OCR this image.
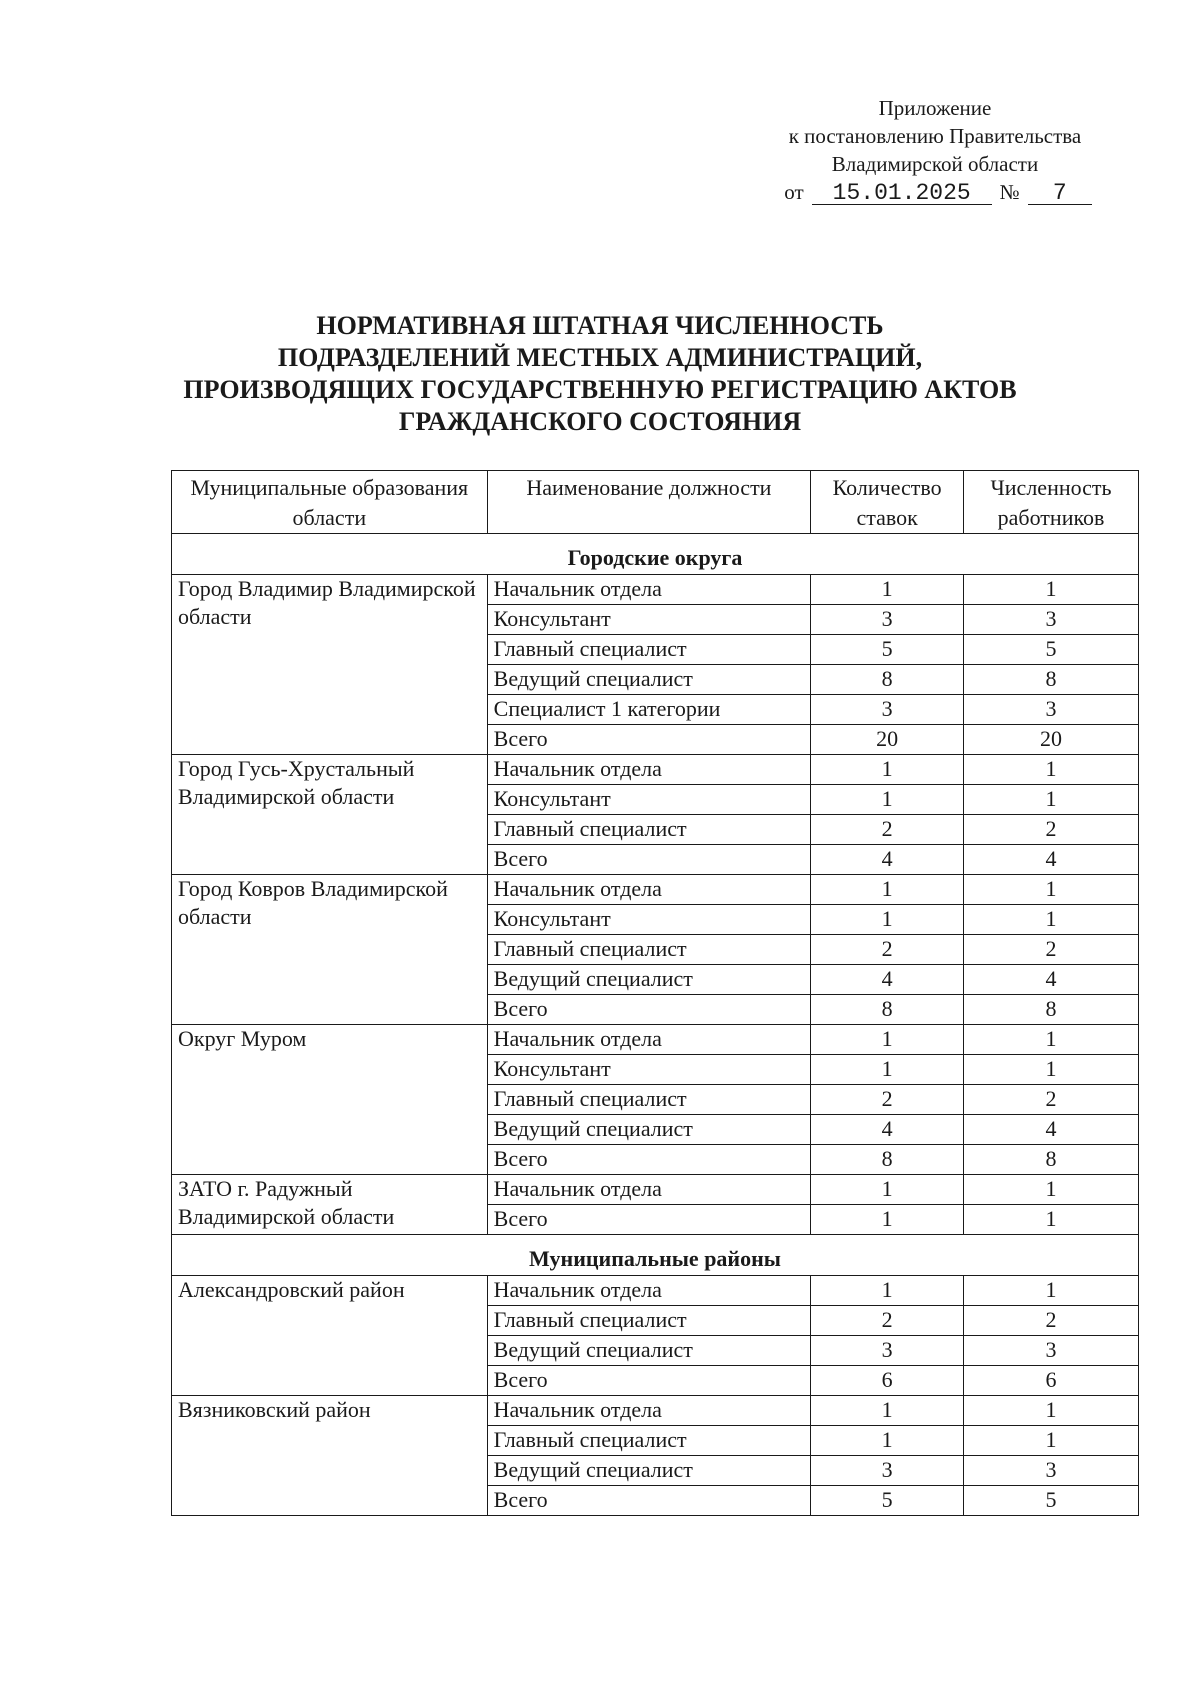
Приложение
к постановлению Правительства
Владимирской области
от	15.01.2025	№	7
НОРМАТИВНАЯ ШТАТНАЯ ЧИСЛЕННОСТЬ
ПОДРАЗДЕЛЕНИЙ МЕСТНЫХ АДМИНИСТРАЦИЙ,
ПРОИЗВОДЯЩИХ ГОСУДАРСТВЕННУЮ РЕГИСТРАЦИЮ АКТОВ
ГРАЖДАНСКОГО СОСТОЯНИЯ
Муниципальные образования области	Наименование должности	Количество ставок	Численность работников
Городские округа			
Город Владимир Владимирской области	Начальник отдела	1	1
	Консультант	3	3
	Главный специалист	5	5
	Ведущий специалист	8	8
	Специалист 1 категории	3	3
	Всего	20	20
Город Гусь-Хрустальный Владимирской области	Начальник отдела	1	1
	Консультант	1	1
	Главный специалист	2	2
	Всего	4	4
Город Ковров Владимирской области	Начальник отдела	1	1
	Консультант	1	1
	Главный специалист	2	2
	Ведущий специалист	4	4
	Всего	8	8
Округ Муром	Начальник отдела	1	1
	Консультант	1	1
	Главный специалист	2	2
	Ведущий специалист	4	4
	Всего	8	8
ЗАТО г. Радужный Владимирской области	Начальник отдела	1	1
	Всего	1	1
Муниципальные районы			
Александровский район	Начальник отдела	1	1
	Главный специалист	2	2
	Ведущий специалист	3	3
	Всего	6	6
Вязниковский район	Начальник отдела	1	1
	Главный специалист	1	1
	Ведущий специалист	3	3
	Всего	5	5
